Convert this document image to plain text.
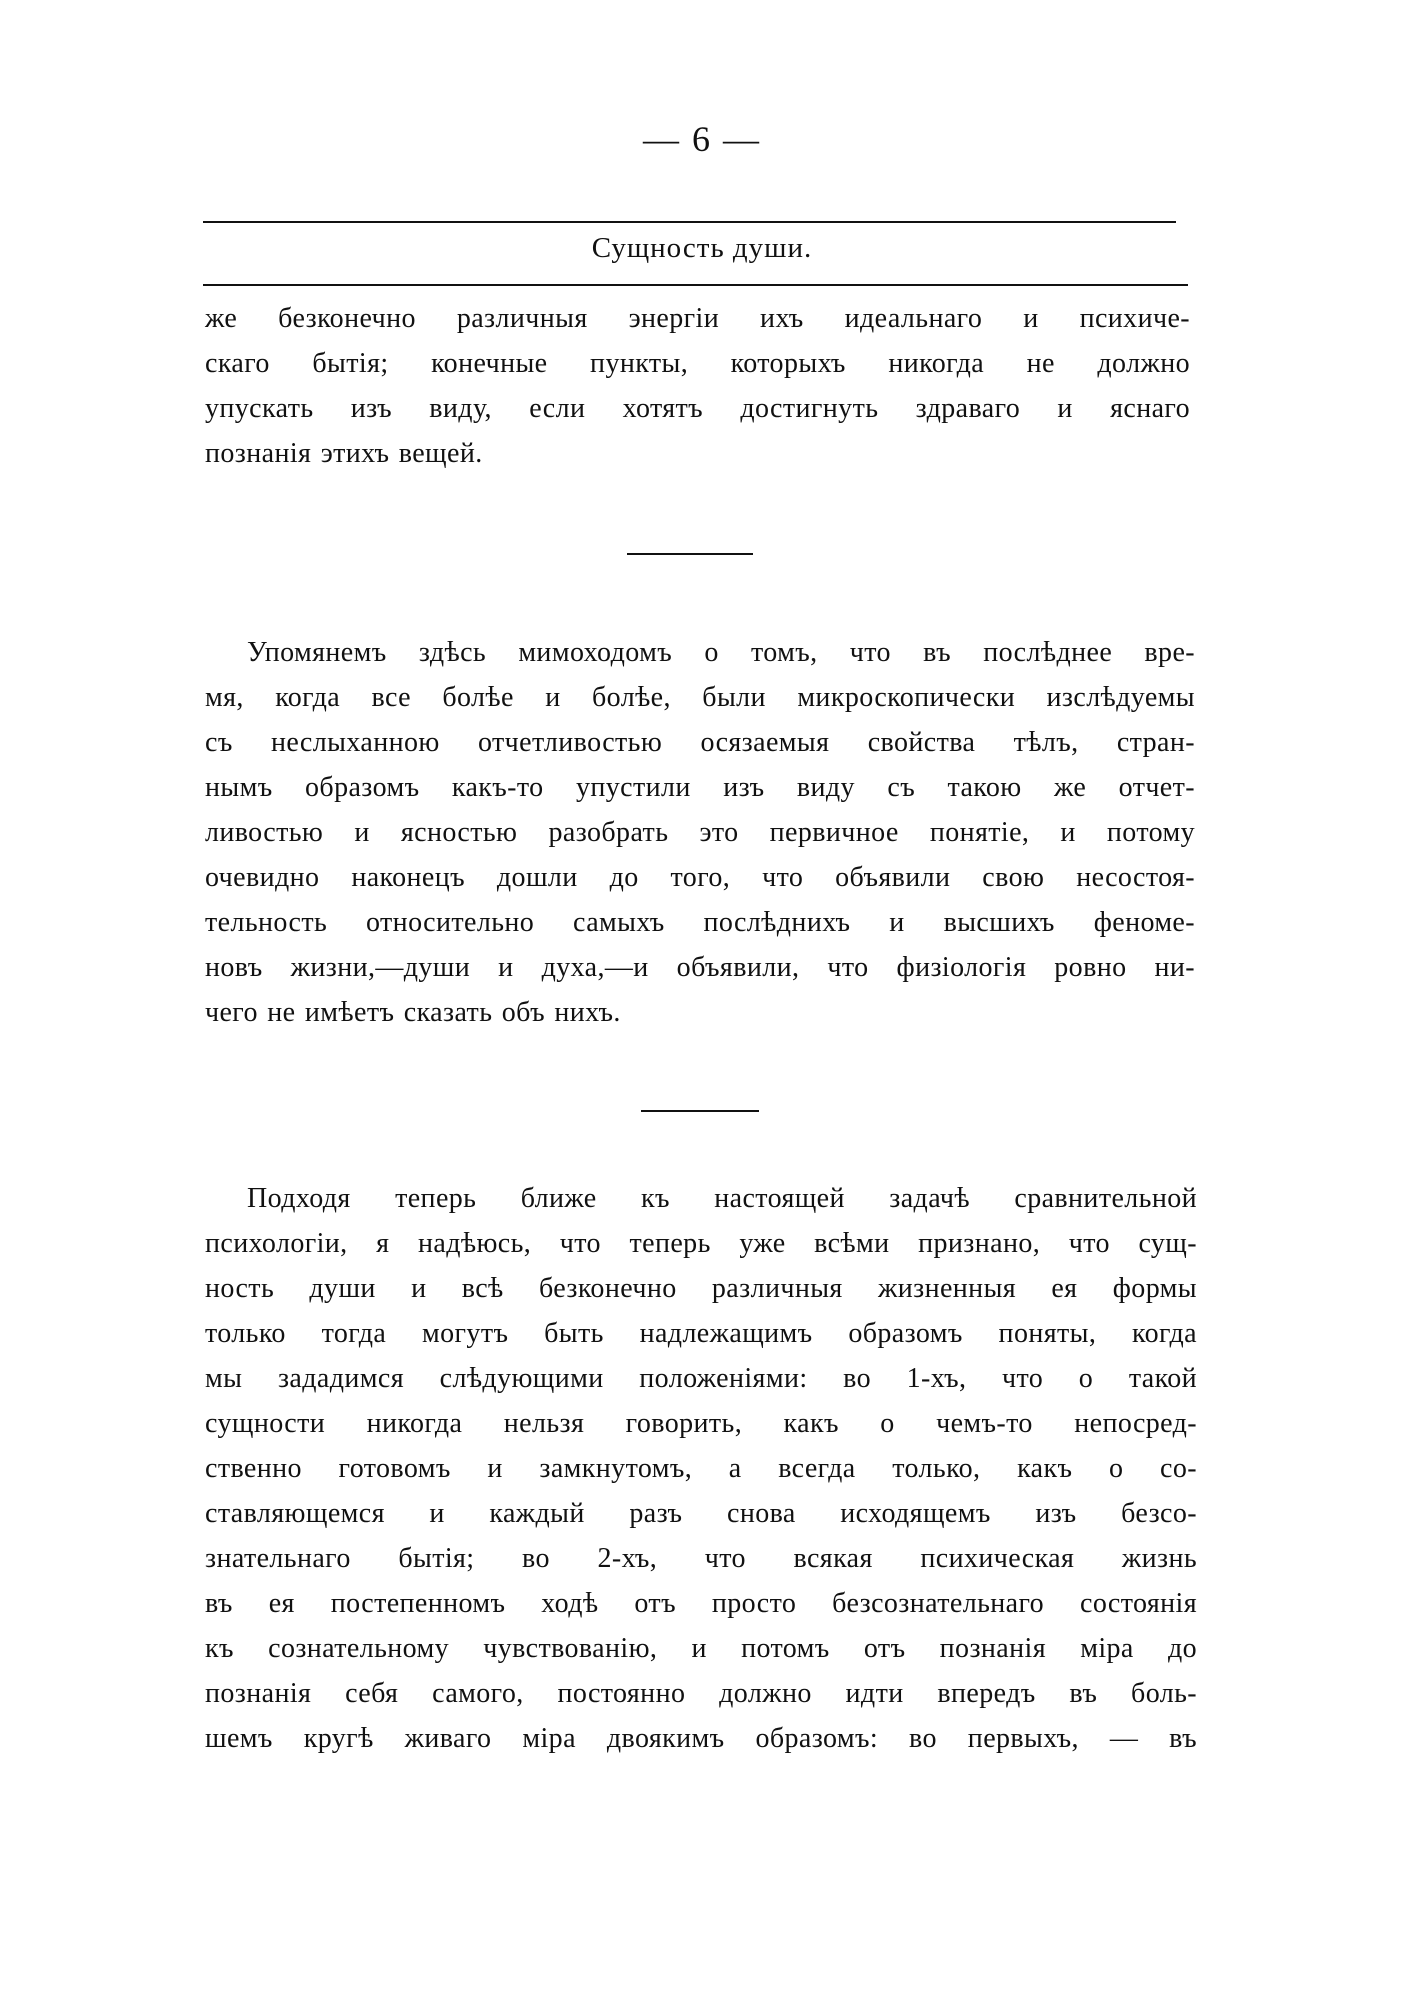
— 6 —
Сущность души.

же безконечно различныя энергіи ихъ идеальнаго и психиче-
скаго бытія; конечные пункты, которыхъ никогда не должно
упускать изъ виду, если хотятъ достигнуть здраваго и яснаго
познанія этихъ вещей.

Упомянемъ здѣсь мимоходомъ о томъ, что въ послѣднее вре-
мя, когда все болѣе и болѣе, были микроскопически изслѣдуемы
съ неслыханною отчетливостью осязаемыя свойства тѣлъ, стран-
нымъ образомъ какъ-то упустили изъ виду съ такою же отчет-
ливостью и ясностью разобрать это первичное понятіе, и потому
очевидно наконецъ дошли до того, что объявили свою несостоя-
тельность относительно самыхъ послѣднихъ и высшихъ феноме-
новъ жизни,—души и духа,—и объявили, что физіологія ровно ни-
чего не имѣетъ сказать объ нихъ.

Подходя теперь ближе къ настоящей задачѣ сравнительной
психологіи, я надѣюсь, что теперь уже всѣми признано, что сущ-
ность души и всѣ безконечно различныя жизненныя ея формы
только тогда могутъ быть надлежащимъ образомъ поняты, когда
мы зададимся слѣдующими положеніями: во 1-хъ, что о такой
сущности никогда нельзя говорить, какъ о чемъ-то непосред-
ственно готовомъ и замкнутомъ, а всегда только, какъ о со-
ставляющемся и каждый разъ снова исходящемъ изъ безсо-
знательнаго бытія; во 2-хъ, что всякая психическая жизнь
въ ея постепенномъ ходѣ отъ просто безсознательнаго состоянія
къ сознательному чувствованію, и потомъ отъ познанія міра до
познанія себя самого, постоянно должно идти впередъ въ боль-
шемъ кругѣ живаго міра двоякимъ образомъ: во первыхъ, — въ
